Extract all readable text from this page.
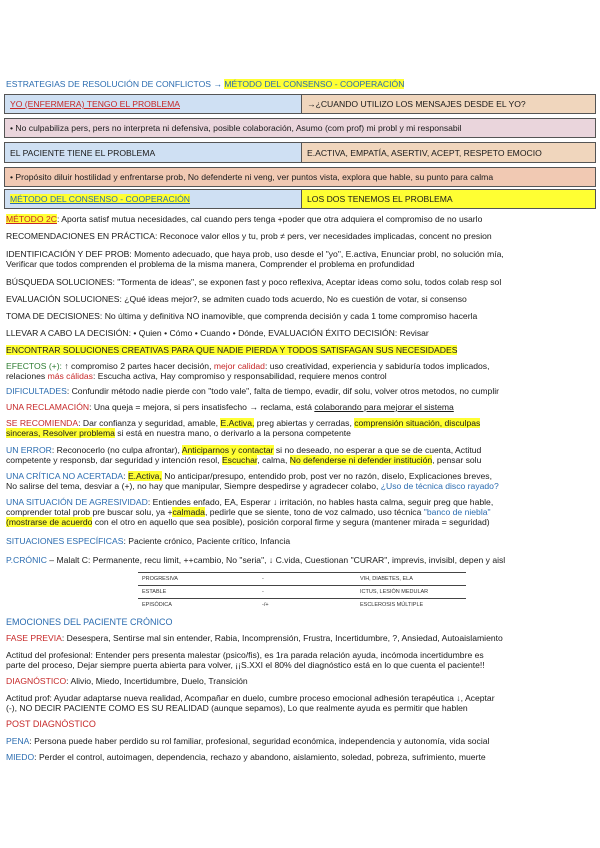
ESTRATEGIAS DE RESOLUCIÓN DE CONFLICTOS → MÉTODO DEL CONSENSO - COOPERACIÓN
YO (ENFERMERA) TENGO EL PROBLEMA	→¿CUANDO UTILIZO LOS MENSAJES DESDE EL YO?
• No culpabiliza pers, pers no interpreta ni defensiva, posible colaboración, Asumo (com prof) mi probl y mi responsabil
EL PACIENTE TIENE EL PROBLEMA	E.ACTIVA, EMPATÍA, ASERTIV, ACEPT, RESPETO EMOCIO
• Propósito diluir hostilidad y enfrentarse prob, No defenderte ni veng, ver puntos vista, explora que hable, su punto para calma
MÉTODO DEL CONSENSO - COOPERACIÓN	LOS DOS TENEMOS EL PROBLEMA
MÉTODO 2C: Aporta satisf mutua necesidades, cal cuando pers tenga +poder que otra adquiera el compromiso de no usarlo
RECOMENDACIONES EN PRÁCTICA: Reconoce valor ellos y tu, prob ≠ pers, ver necesidades implicadas, concent no presion
IDENTIFICACIÓN Y DEF PROB: Momento adecuado, que haya prob, uso desde el "yo", E.activa, Enunciar probl, no solución mía,
Verificar que todos comprenden el problema de la misma manera, Comprender el problema en profundidad
BÚSQUEDA SOLUCIONES: "Tormenta de ideas", se exponen fast y poco reflexiva, Aceptar ideas como solu, todos colab resp sol
EVALUACIÓN SOLUCIONES: ¿Qué ideas mejor?, se admiten cuado tods acuerdo, No es cuestión de votar, si consenso
TOMA DE DECISIONES: No última y definitiva NO inamovible, que comprenda decisión y cada 1 tome compromiso hacerla
LLEVAR A CABO LA DECISIÓN: • Quien • Cómo • Cuando • Dónde, EVALUACIÓN ÉXITO DECISIÓN: Revisar
ENCONTRAR SOLUCIONES CREATIVAS PARA QUE NADIE PIERDA Y TODOS SATISFAGAN SUS NECESIDADES
EFECTOS (+): ↑ compromiso 2 partes hacer decisión, mejor calidad: uso creatividad, experiencia y sabiduría todos implicados,
relaciones más cálidas: Escucha activa, Hay compromiso y responsabilidad, requiere menos control
DIFICULTADES: Confundir método nadie pierde con "todo vale", falta de tiempo, evadir, dif solu, volver otros metodos, no cumplir
UNA RECLAMACIÓN: Una queja = mejora, si pers insatisfecho → reclama, está colaborando para mejorar el sistema
SE RECOMIENDA: Dar confianza y seguridad, amable, E.Activa, preg abiertas y cerradas, comprensión situación, disculpas
sinceras, Resolver problema si está en nuestra mano, o derivarlo a la persona competente
UN ERROR: Reconocerlo (no culpa afrontar), Anticiparnos y contactar si no deseado, no esperar a que se de cuenta, Actitud
competente y responsb, dar seguridad y intención resol, Escuchar, calma, No defenderse ni defender institución, pensar solu
UNA CRÍTICA NO ACERTADA: E.Activa, No anticipar/presupo, entendido prob, post ver no razón, diselo, Explicaciones breves,
No salirse del tema, desviar a (+), no hay que manipular, Siempre despedirse y agradecer colabo, ¿Uso de técnica disco rayado?
UNA SITUACIÓN DE AGRESIVIDAD: Entiendes enfado, EA, Esperar ↓ irritación, no hables hasta calma, seguir preg que hable,
comprender total prob pre buscar solu, ya +calmada, pedirle que se siente, tono de voz calmado, uso técnica "banco de niebla"
(mostrarse de acuerdo con el otro en aquello que sea posible), posición corporal firme y segura (mantener mirada = seguridad)
SITUACIONES ESPECÍFICAS: Paciente crónico, Paciente crítico, Infancia
P.CRÓNIC – Malalt C: Permanente, recu limit, ++cambio, No "seria", ↓ C.vida, Cuestionan "CURAR", imprevis, invisibl, depen y aisl
PROGRESIVA	-	VIH, DIABETES, ELA
ESTABLE	-	ICTUS, LESIÓN MEDULAR
EPISÓDICA	-/+	ESCLEROSIS MÚLTIPLE
EMOCIONES DEL PACIENTE CRÓNICO
FASE PREVIA: Desespera, Sentirse mal sin entender, Rabia, Incomprensión, Frustra, Incertidumbre, ?, Ansiedad, Autoaislamiento
Actitud del profesional: Entender pers presenta malestar (psico/fis), es 1ra parada relación ayuda, incómoda incertidumbre es
parte del proceso, Dejar siempre puerta abierta para volver, ¡¡S.XXI el 80% del diagnóstico está en lo que cuenta el paciente!!
DIAGNÓSTICO: Alivio, Miedo, Incertidumbre, Duelo, Transición
Actitud prof: Ayudar adaptarse nueva realidad, Acompañar en duelo, cumbre proceso emocional adhesión terapéutica ↓, Aceptar
(-), NO DECIR PACIENTE COMO ES SU REALIDAD (aunque sepamos), Lo que realmente ayuda es permitir que hablen
POST DIAGNÓSTICO
PENA: Persona puede haber perdido su rol familiar, profesional, seguridad económica, independencia y autonomía, vida social
MIEDO: Perder el control, autoimagen, dependencia, rechazo y abandono, aislamiento, soledad, pobreza, sufrimiento, muerte
